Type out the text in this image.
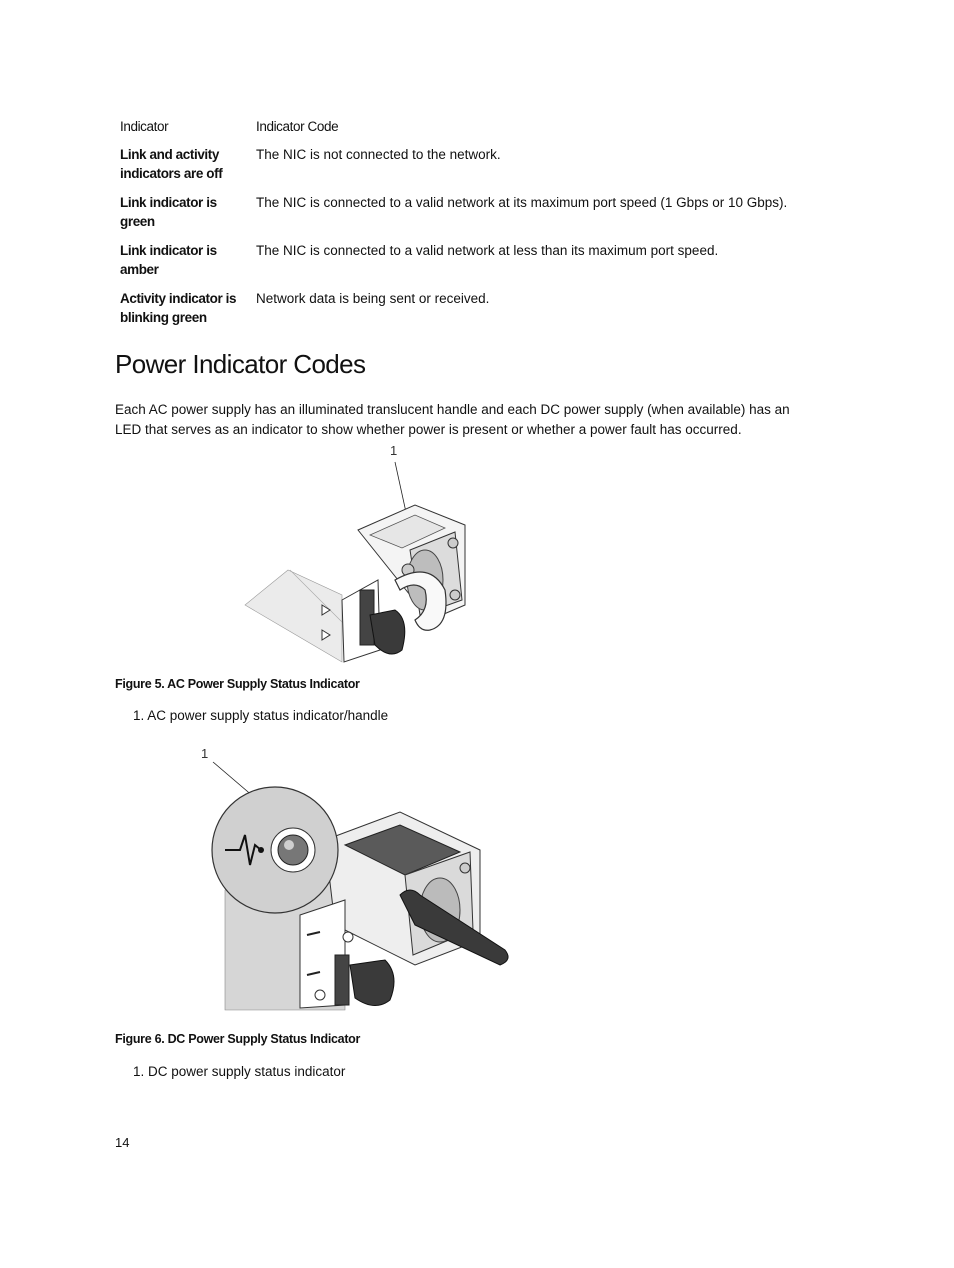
Indicator	Indicator Code
Link and activity indicators are off	The NIC is not connected to the network.
Link indicator is green	The NIC is connected to a valid network at its maximum port speed (1 Gbps or 10 Gbps).
Link indicator is amber	The NIC is connected to a valid network at less than its maximum port speed.
Activity indicator is blinking green	Network data is being sent or received.
Power Indicator Codes

Each AC power supply has an illuminated translucent handle and each DC power supply (when available) has an LED that serves as an indicator to show whether power is present or whether a power fault has occurred.

1

Figure 5. AC Power Supply Status Indicator

1. AC power supply status indicator/handle

1

Figure 6. DC Power Supply Status Indicator

1. DC power supply status indicator

14
